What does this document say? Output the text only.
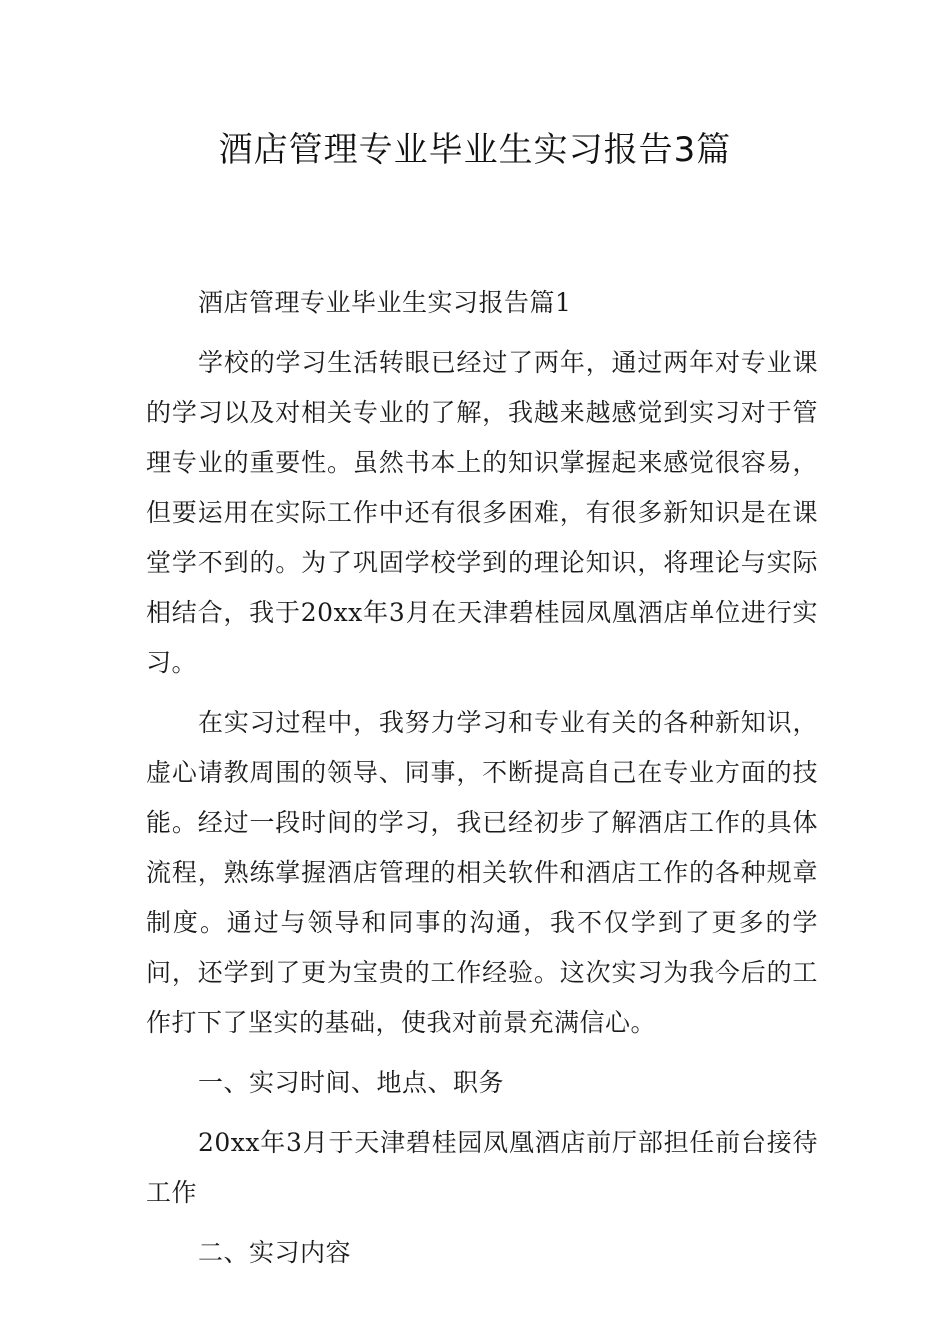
酒店管理专业毕业生实习报告3篇

酒店管理专业毕业生实习报告篇1

学校的学习生活转眼已经过了两年，通过两年对专业课的学习以及对相关专业的了解，我越来越感觉到实习对于管理专业的重要性。虽然书本上的知识掌握起来感觉很容易，但要运用在实际工作中还有很多困难，有很多新知识是在课堂学不到的。为了巩固学校学到的理论知识，将理论与实际相结合，我于20xx年3月在天津碧桂园凤凰酒店单位进行实习。

在实习过程中，我努力学习和专业有关的各种新知识，虚心请教周围的领导、同事，不断提高自己在专业方面的技能。经过一段时间的学习，我已经初步了解酒店工作的具体流程，熟练掌握酒店管理的相关软件和酒店工作的各种规章制度。通过与领导和同事的沟通，我不仅学到了更多的学问，还学到了更为宝贵的工作经验。这次实习为我今后的工作打下了坚实的基础，使我对前景充满信心。

一、实习时间、地点、职务

20xx年3月于天津碧桂园凤凰酒店前厅部担任前台接待工作

二、实习内容
